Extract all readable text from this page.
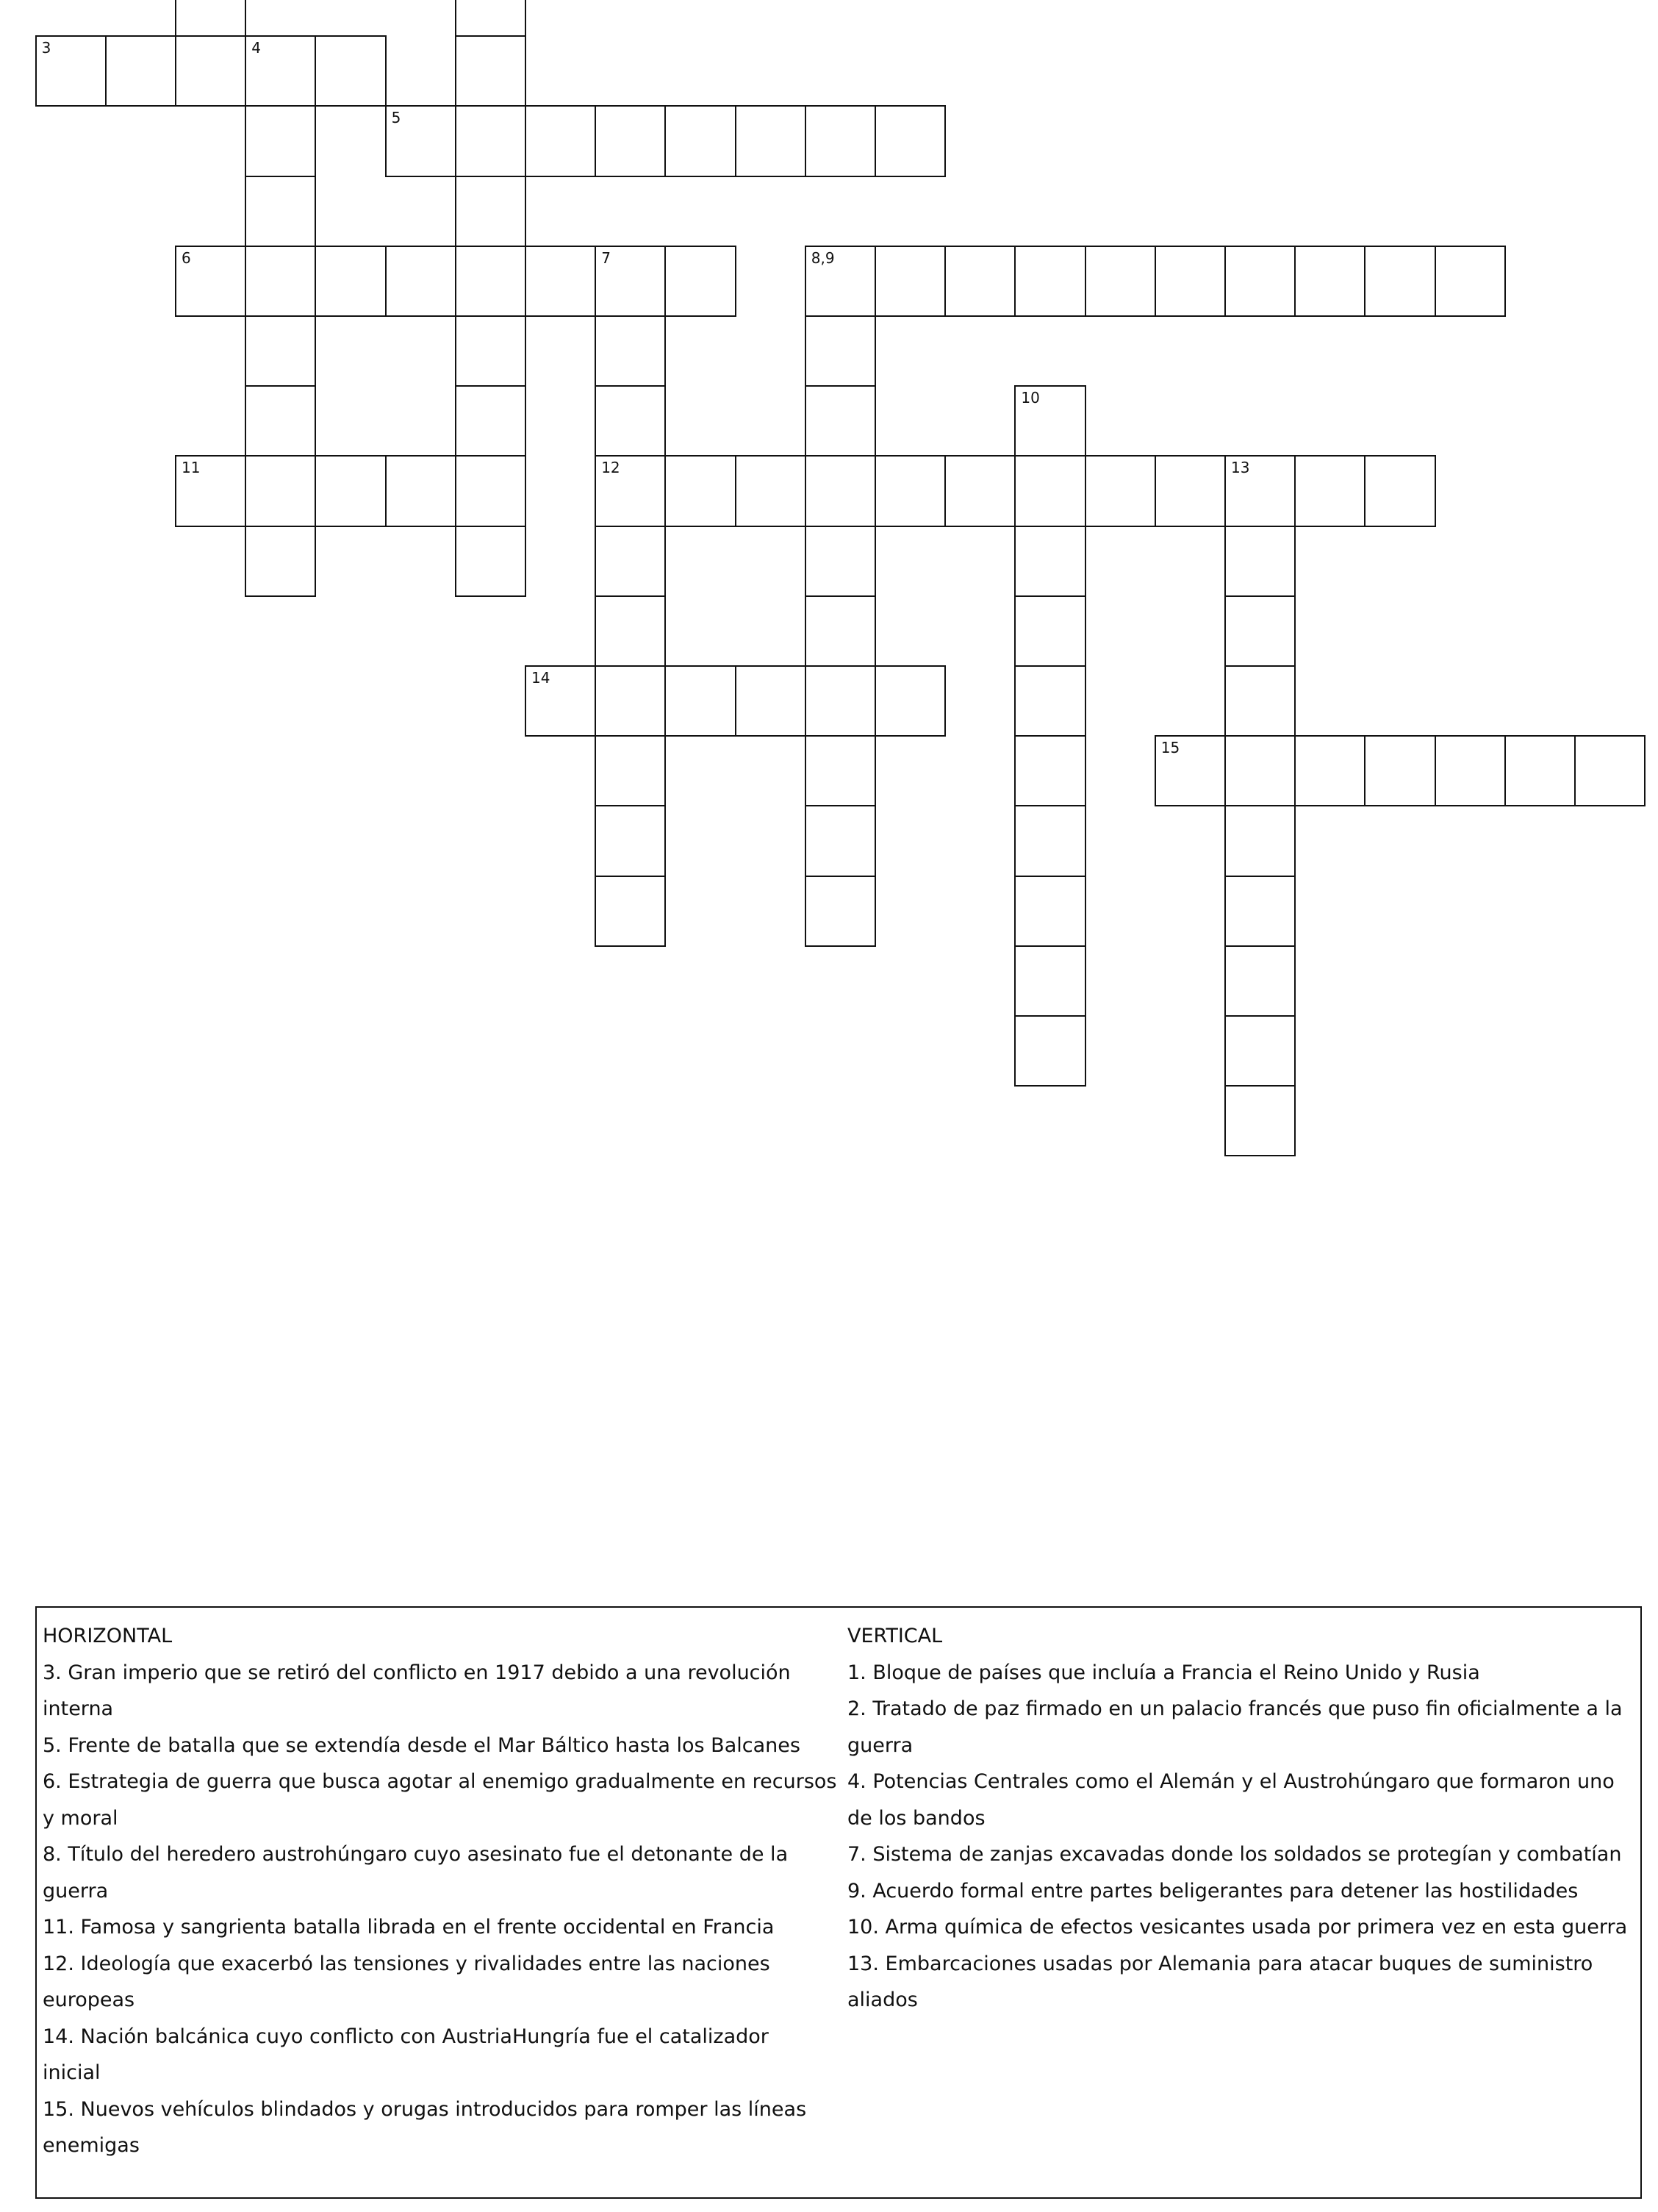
3	4
5
6	7
12
8,9
10
11	13
14
15
HORIZONTAL
3. Gran imperio que se retiró del conflicto en 1917 debido a una revolución
interna
5. Frente de batalla que se extendía desde el Mar Báltico hasta los Balcanes
6. Estrategia de guerra que busca agotar al enemigo gradualmente en recursos
y moral
8. Título del heredero austrohúngaro cuyo asesinato fue el detonante de la
guerra
11. Famosa y sangrienta batalla librada en el frente occidental en Francia
12. Ideología que exacerbó las tensiones y rivalidades entre las naciones
europeas
14. Nación balcánica cuyo conflicto con AustriaHungría fue el catalizador
inicial
15. Nuevos vehículos blindados y orugas introducidos para romper las líneas
enemigas
VERTICAL
1. Bloque de países que incluía a Francia el Reino Unido y Rusia
2. Tratado de paz firmado en un palacio francés que puso fin oficialmente a la
guerra
4. Potencias Centrales como el Alemán y el Austrohúngaro que formaron uno
de los bandos
7. Sistema de zanjas excavadas donde los soldados se protegían y combatían
9. Acuerdo formal entre partes beligerantes para detener las hostilidades
10. Arma química de efectos vesicantes usada por primera vez en esta guerra
13. Embarcaciones usadas por Alemania para atacar buques de suministro
aliados
